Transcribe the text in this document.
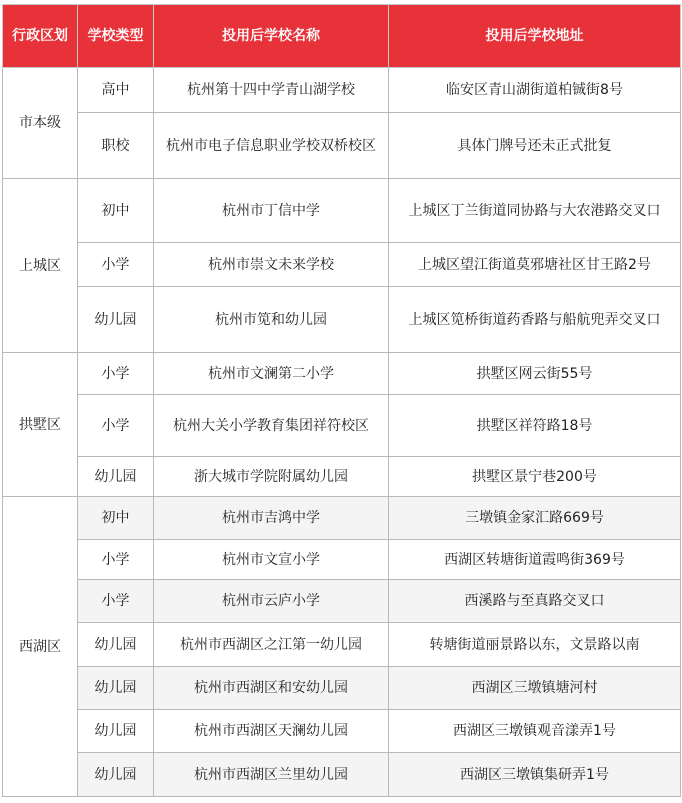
行政区划	学校类型	投用后学校名称	投用后学校地址
市本级	高中	杭州第十四中学青山湖学校	临安区青山湖街道柏铖街8号
	职校	杭州市电子信息职业学校双桥校区	具体门牌号还未正式批复
上城区	初中	杭州市丁信中学	上城区丁兰街道同协路与大农港路交叉口
	小学	杭州市崇文未来学校	上城区望江街道莫邪塘社区甘王路2号
	幼儿园	杭州市笕和幼儿园	上城区笕桥街道药香路与船航兜弄交叉口
拱墅区	小学	杭州市文澜第二小学	拱墅区网云街55号
	小学	杭州大关小学教育集团祥符校区	拱墅区祥符路18号
	幼儿园	浙大城市学院附属幼儿园	拱墅区景宁巷200号
西湖区	初中	杭州市吉鸿中学	三墩镇金家汇路669号
	小学	杭州市文宣小学	西湖区转塘街道霞鸣街369号
	小学	杭州市云庐小学	西溪路与至真路交叉口
	幼儿园	杭州市西湖区之江第一幼儿园	转塘街道丽景路以东，文景路以南
	幼儿园	杭州市西湖区和安幼儿园	西湖区三墩镇塘河村
	幼儿园	杭州市西湖区天澜幼儿园	西湖区三墩镇观音漾弄1号
	幼儿园	杭州市西湖区兰里幼儿园	西湖区三墩镇集研弄1号
